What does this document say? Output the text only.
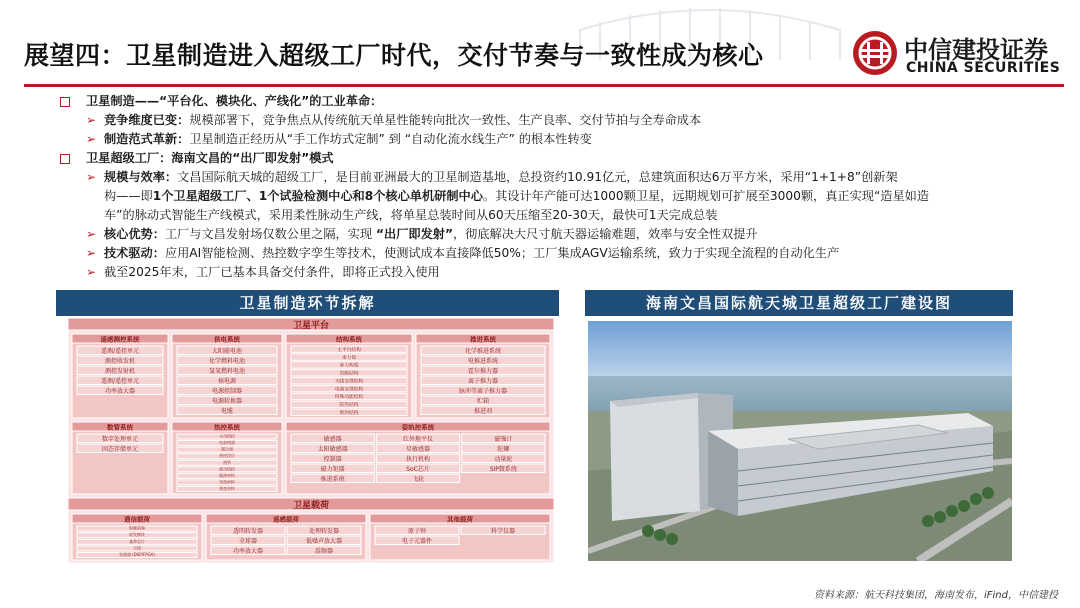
展望四：卫星制造进入超级工厂时代，交付节奏与一致性成为核心	中信建投证券
CHINA SECURITIES
卫星制造——“平台化、模块化、产线化”的工业革命：
➢ 竞争维度已变：规模部署下，竞争焦点从传统航天单星性能转向批次一致性、生产良率、交付节拍与全寿命成本
➢ 制造范式革新：卫星制造正经历从“手工作坊式定制” 到 “自动化流水线生产” 的根本性转变
卫星超级工厂：海南文昌的“出厂即发射”模式
➢ 规模与效率：文昌国际航天城的超级工厂，是目前亚洲最大的卫星制造基地，总投资约10.91亿元，总建筑面积达6万平方米，采用“1+1+8”创新架
构——即1个卫星超级工厂、1个试验检测中心和8个核心单机研制中心。其设计年产能可达1000颗卫星，远期规划可扩展至3000颗，真正实现“造星如造
车”的脉动式智能生产线模式，采用柔性脉动生产线，将单星总装时间从60天压缩至20-30天，最快可1天完成总装
➢ 核心优势：工厂与文昌发射场仅数公里之隔，实现 “出厂即发射”，彻底解决大尺寸航天器运输难题，效率与安全性双提升
➢ 技术驱动：应用AI智能检测、热控数字孪生等技术，使测试成本直接降低50%；工厂集成AGV运输系统，致力于实现全流程的自动化生产
➢ 截至2025年末，工厂已基本具备交付条件，即将正式投入使用
卫星制造环节拆解	海南文昌国际航天城卫星超级工厂建设图
卫星平台
卫星载荷
遥感测控系统
遥测/遥控单元
测控收发机
测控发射机
遥测/遥控单元
功率放大器
供电系统
太阳能电池
化学燃料电池
氢氧燃料电池
核电源
电源控制器
电源转换器
电缆
结构系统
主平台结构
承力筒
承力构架
次级结构
天线支撑结构
电池支撑结构
特殊功能结构
防热结构
密封结构
推进系统
化学推进系统
电推进系统
霍尔推力器
离子推力器
脉冲等离子推力器
贮箱
推进剂
数管系统
数字处理单元
固态存储单元
热控系统
主动热控
电加热器
制冷器
热控涂层
热管
被动热控
隔热材料
导热材料
相变材料
姿轨控系统
敏感器	红外地平仪	磁强计
太阳敏感器	星敏感器	陀螺
控制器	执行机构	动量轮
磁力矩器	SoC芯片	SIP微系统
推进系统	飞轮
通信载荷
射频前端
收发模块
基带芯片
天线
处理器 (DSP/FPGA)
遥感载荷
透明转发器	处理转发器
全球器	低噪声放大器
功率放大器	混频器
其他载荷
原子钟	科学仪器
电子元器件
资料来源：航天科技集团，海南发布，iFind，中信建投
